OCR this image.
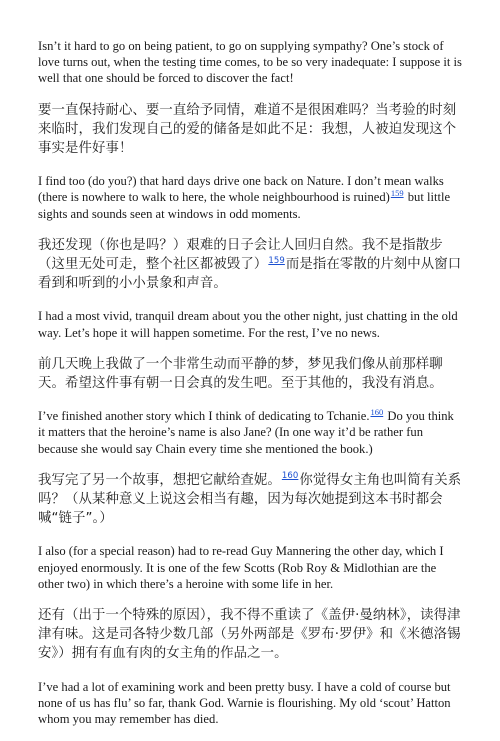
Isn’t it hard to go on being patient, to go on supplying sympathy? One’s stock of love turns out, when the testing time comes, to be so very inadequate: I suppose it is well that one should be forced to discover the fact!

要一直保持耐心、要一直给予同情，难道不是很困难吗？当考验的时刻来临时，我们发现自己的爱的储备是如此不足：我想，人被迫发现这个事实是件好事！

I find too (do you?) that hard days drive one back on Nature. I don’t mean walks (there is nowhere to walk to here, the whole neighbourhood is ruined)$^{159}$ but little sights and sounds seen at windows in odd moments.

我还发现（你也是吗？）艰难的日子会让人回归自然。我不是指散步（这里无处可走，整个社区都被毁了）$^{159}$而是指在零散的片刻中从窗口看到和听到的小小景象和声音。

I had a most vivid, tranquil dream about you the other night, just chatting in the old way. Let’s hope it will happen sometime. For the rest, I’ve no news.

前几天晚上我做了一个非常生动而平静的梦，梦见我们像从前那样聊天。希望这件事有朝一日会真的发生吧。至于其他的，我没有消息。

I’ve finished another story which I think of dedicating to Tchanie.$^{160}$ Do you think it matters that the heroine’s name is also Jane? (In one way it’d be rather fun because she would say Chain every time she mentioned the book.)

我写完了另一个故事，想把它献给查妮。$^{160}$你觉得女主角也叫简有关系吗？（从某种意义上说这会相当有趣，因为每次她提到这本书时都会喊“链子”。）

I also (for a special reason) had to re-read Guy Mannering the other day, which I enjoyed enormously. It is one of the few Scotts (Rob Roy & Midlothian are the other two) in which there’s a heroine with some life in her.

还有（出于一个特殊的原因），我不得不重读了《盖伊·曼纳林》，读得津津有味。这是司各特少数几部（另外两部是《罗布·罗伊》和《米德洛锡安》）拥有有血有肉的女主角的作品之一。

I’ve had a lot of examining work and been pretty busy. I have a cold of course but none of us has flu’ so far, thank God. Warnie is flourishing. My old ‘scout’ Hatton whom you may remember has died.
